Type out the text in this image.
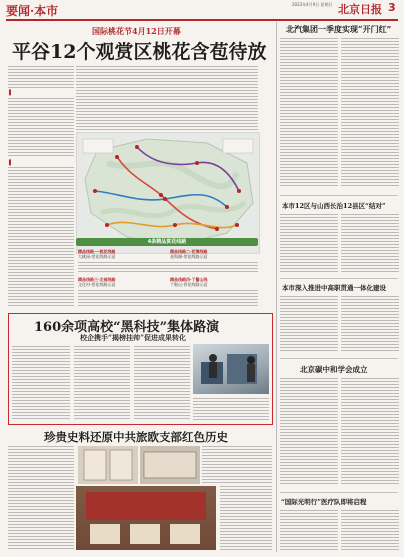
要闻·本市	2023年4月9日 星期日 北京日报 3
国际桃花节4月12日开幕
平谷12个观赏区桃花含苞待放
▌
▌
4条精品赏花线路
精品线路一·桃花线路
大桃园-赏花线路示意
精品线路二·花海线路
金海湖-赏花线路示意
精品线路三·北部线路
文化村-赏花线路示意
精品线路四·丫髻山线
丫髻山-赏花线路示意
北汽集团一季度实现“开门红”
本市12区与山西长治12县区“结对”
本市深入推进中高职贯通一体化建设
北京碳中和学会成立
“国际光明行”医疗队即将启程
160余项高校“黑科技”集体路演
校企携手“揭榜挂帅”促进成果转化
珍贵史料还原中共旅欧支部红色历史
